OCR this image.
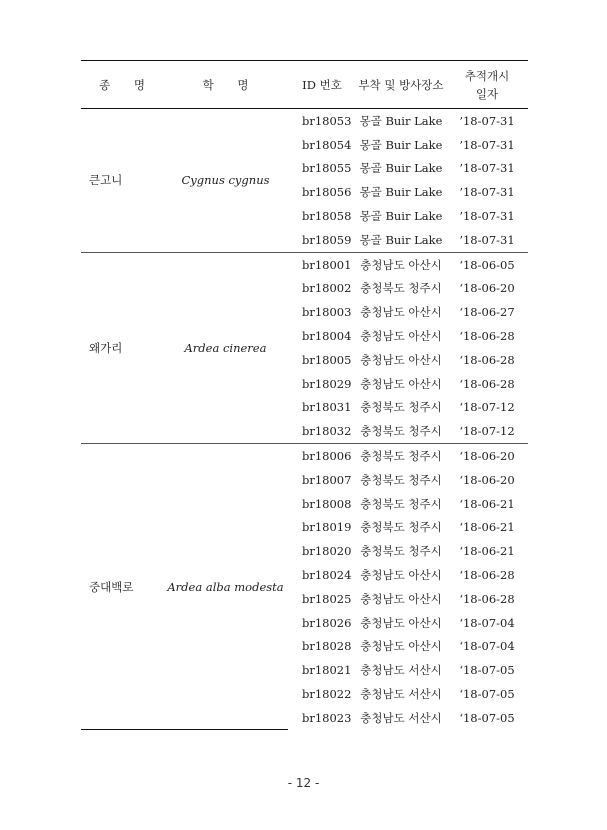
종 명	학 명	ID 번호	부착 및 방사장소	추적개시
일자
큰고니	Cygnus cygnus	br18053	몽골 Buir Lake	’18-07-31
		br18054	몽골 Buir Lake	’18-07-31
		br18055	몽골 Buir Lake	’18-07-31
		br18056	몽골 Buir Lake	’18-07-31
		br18058	몽골 Buir Lake	’18-07-31
		br18059	몽골 Buir Lake	’18-07-31
왜가리	Ardea cinerea	br18001	충청남도 아산시	‘18-06-05
		br18002	충청북도 청주시	‘18-06-20
		br18003	충청남도 아산시	‘18-06-27
		br18004	충청남도 아산시	‘18-06-28
		br18005	충청남도 아산시	‘18-06-28
		br18029	충청남도 아산시	‘18-06-28
		br18031	충청북도 청주시	‘18-07-12
		br18032	충청북도 청주시	‘18-07-12
중대백로	Ardea alba modesta	br18006	충청북도 청주시	‘18-06-20
		br18007	충청북도 청주시	‘18-06-20
		br18008	충청북도 청주시	‘18-06-21
		br18019	충청북도 청주시	‘18-06-21
		br18020	충청북도 청주시	‘18-06-21
		br18024	충청남도 아산시	‘18-06-28
		br18025	충청남도 아산시	‘18-06-28
		br18026	충청남도 아산시	‘18-07-04
		br18028	충청남도 아산시	‘18-07-04
		br18021	충청남도 서산시	‘18-07-05
		br18022	충청남도 서산시	‘18-07-05
		br18023	충청남도 서산시	‘18-07-05
- 12 -
